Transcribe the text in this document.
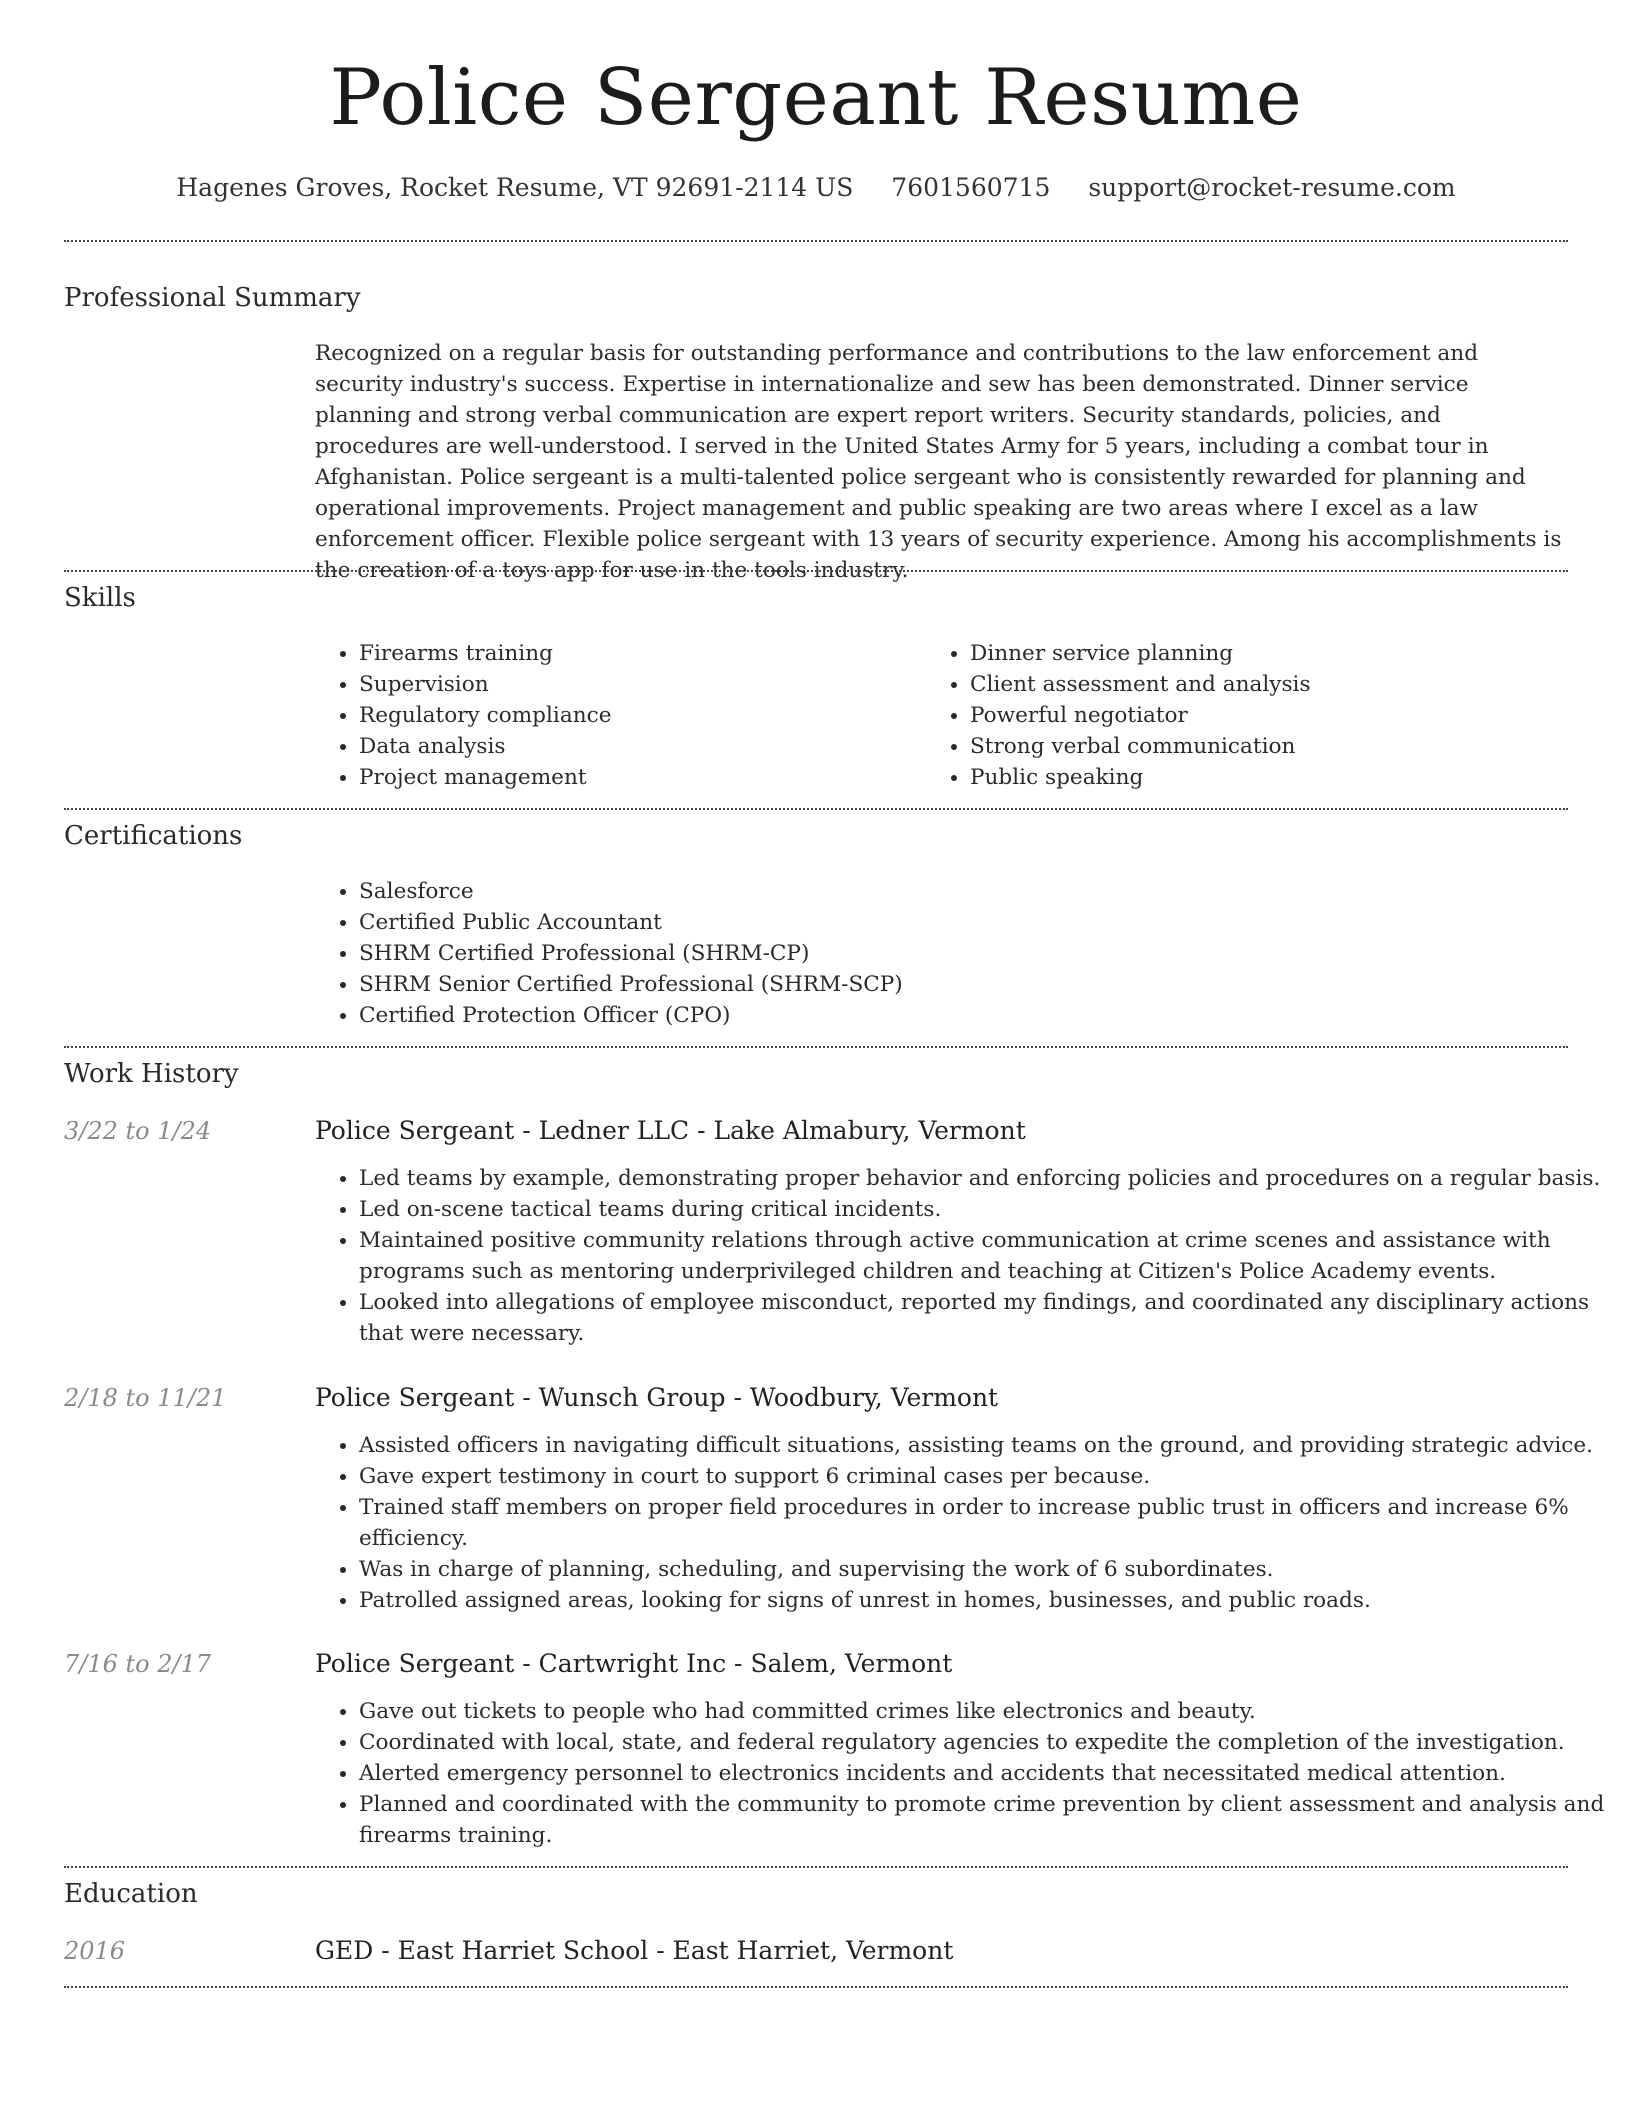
Police Sergeant Resume
Hagenes Groves, Rocket Resume, VT 92691-2114 US 7601560715 support@rocket-resume.com
Professional Summary

Recognized on a regular basis for outstanding performance and contributions to the law enforcement and security industry's success. Expertise in internationalize and sew has been demonstrated. Dinner service planning and strong verbal communication are expert report writers. Security standards, policies, and procedures are well-understood. I served in the United States Army for 5 years, including a combat tour in Afghanistan. Police sergeant is a multi-talented police sergeant who is consistently rewarded for planning and operational improvements. Project management and public speaking are two areas where I excel as a law enforcement officer. Flexible police sergeant with 13 years of security experience. Among his accomplishments is the creation of a toys app for use in the tools industry.

Skills
• Firearms training
• Supervision
• Regulatory compliance
• Data analysis
• Project management
• Dinner service planning
• Client assessment and analysis
• Powerful negotiator
• Strong verbal communication
• Public speaking
Certifications
• Salesforce
• Certified Public Accountant
• SHRM Certified Professional (SHRM-CP)
• SHRM Senior Certified Professional (SHRM-SCP)
• Certified Protection Officer (CPO)
Work History
3/22 to 1/24	Police Sergeant - Ledner LLC - Lake Almabury, Vermont
• Led teams by example, demonstrating proper behavior and enforcing policies and procedures on a regular basis.
• Led on-scene tactical teams during critical incidents.
• Maintained positive community relations through active communication at crime scenes and assistance with programs such as mentoring underprivileged children and teaching at Citizen's Police Academy events.
• Looked into allegations of employee misconduct, reported my findings, and coordinated any disciplinary actions that were necessary.
2/18 to 11/21	Police Sergeant - Wunsch Group - Woodbury, Vermont
• Assisted officers in navigating difficult situations, assisting teams on the ground, and providing strategic advice.
• Gave expert testimony in court to support 6 criminal cases per because.
• Trained staff members on proper field procedures in order to increase public trust in officers and increase 6% efficiency.
• Was in charge of planning, scheduling, and supervising the work of 6 subordinates.
• Patrolled assigned areas, looking for signs of unrest in homes, businesses, and public roads.
7/16 to 2/17	Police Sergeant - Cartwright Inc - Salem, Vermont
• Gave out tickets to people who had committed crimes like electronics and beauty.
• Coordinated with local, state, and federal regulatory agencies to expedite the completion of the investigation.
• Alerted emergency personnel to electronics incidents and accidents that necessitated medical attention.
• Planned and coordinated with the community to promote crime prevention by client assessment and analysis and firearms training.
Education
2016	GED - East Harriet School - East Harriet, Vermont
